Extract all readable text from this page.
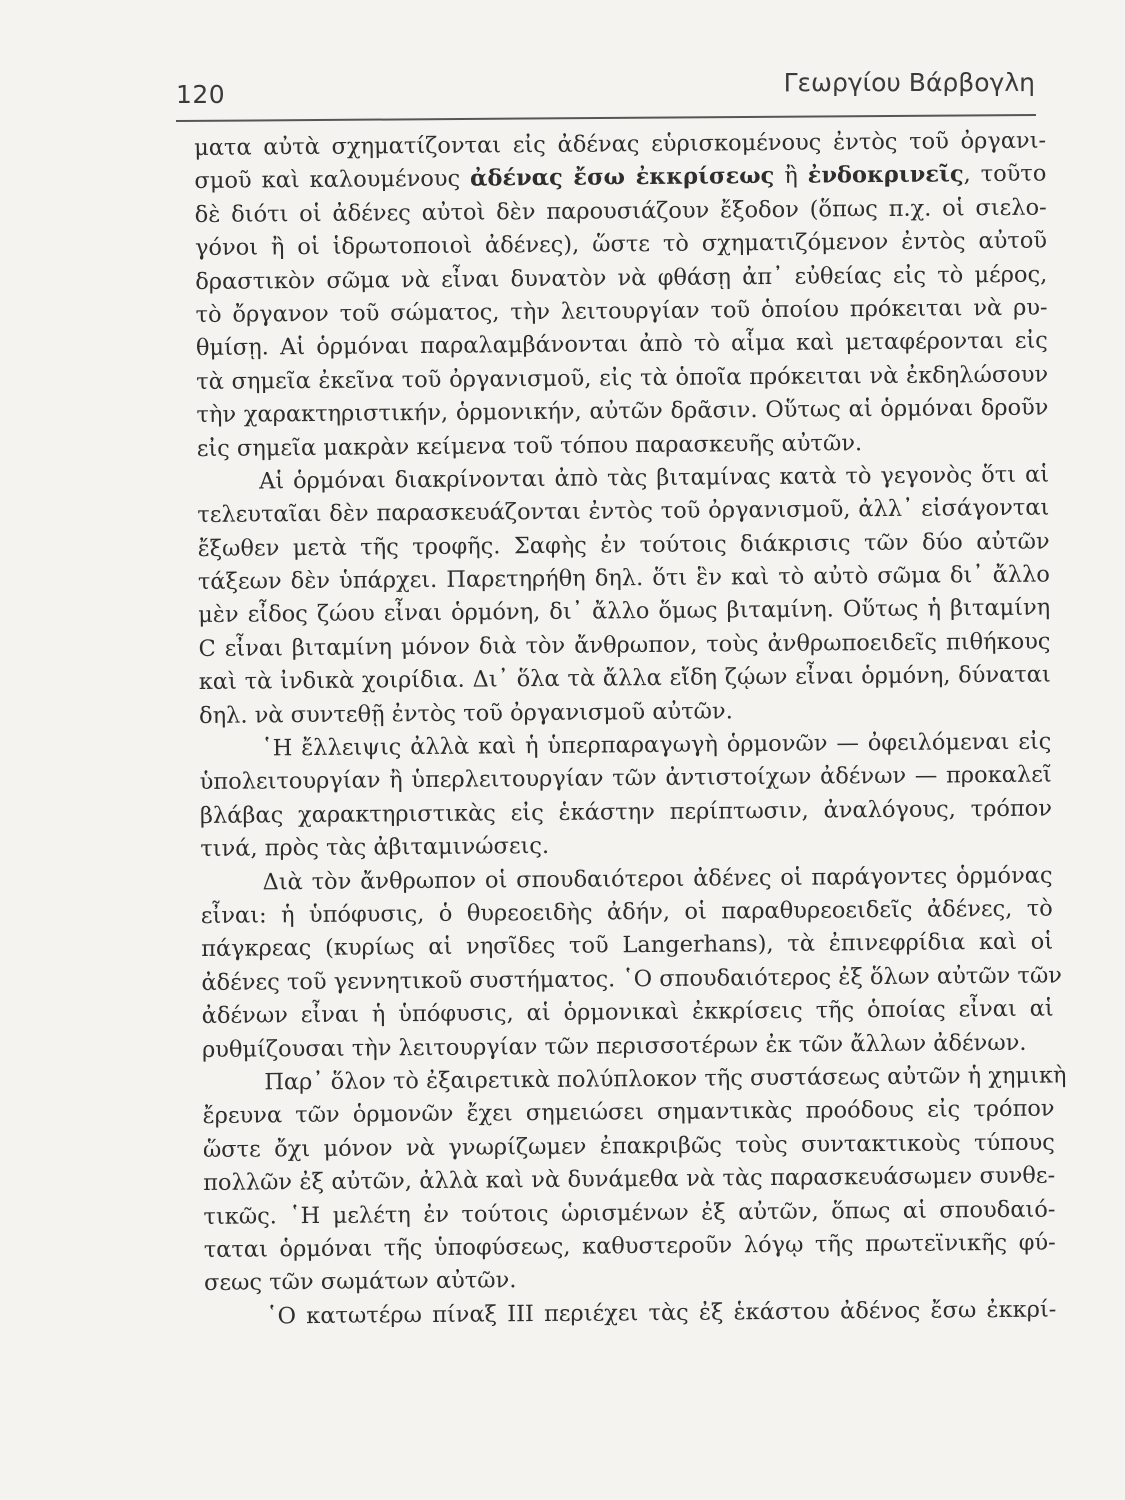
120	Γεωργίου Βάρβογλη
ματα αὐτὰ σχηματίζονται εἰς ἀδένας εὑρισκομένους ἐντὸς τοῦ ὀργανι-
σμοῦ καὶ καλουμένους ἀδένας ἔσω ἐκκρίσεως ἢ ἐνδοκρινεῖς, τοῦτο
δὲ διότι οἱ ἀδένες αὐτοὶ δὲν παρουσιάζουν ἔξοδον (ὅπως π.χ. οἱ σιελο-
γόνοι ἢ οἱ ἱδρωτοποιοὶ ἀδένες), ὥστε τὸ σχηματιζόμενον ἐντὸς αὐτοῦ
δραστικὸν σῶμα νὰ εἶναι δυνατὸν νὰ φθάσῃ ἀπ᾽ εὐθείας εἰς τὸ μέρος,
τὸ ὄργανον τοῦ σώματος, τὴν λειτουργίαν τοῦ ὁποίου πρόκειται νὰ ρυ-
θμίσῃ. Αἱ ὁρμόναι παραλαμβάνονται ἀπὸ τὸ αἷμα καὶ μεταφέρονται εἰς
τὰ σημεῖα ἐκεῖνα τοῦ ὀργανισμοῦ, εἰς τὰ ὁποῖα πρόκειται νὰ ἐκδηλώσουν
τὴν χαρακτηριστικήν, ὁρμονικήν, αὐτῶν δρᾶσιν. Οὕτως αἱ ὁρμόναι δροῦν
εἰς σημεῖα μακρὰν κείμενα τοῦ τόπου παρασκευῆς αὐτῶν.
Αἱ ὁρμόναι διακρίνονται ἀπὸ τὰς βιταμίνας κατὰ τὸ γεγονὸς ὅτι αἱ
τελευταῖαι δὲν παρασκευάζονται ἐντὸς τοῦ ὀργανισμοῦ, ἀλλ᾽ εἰσάγονται
ἔξωθεν μετὰ τῆς τροφῆς. Σαφὴς ἐν τούτοις διάκρισις τῶν δύο αὐτῶν
τάξεων δὲν ὑπάρχει. Παρετηρήθη δηλ. ὅτι ἓν καὶ τὸ αὐτὸ σῶμα δι᾽ ἄλλο
μὲν εἶδος ζώου εἶναι ὁρμόνη, δι᾽ ἄλλο ὅμως βιταμίνη. Οὕτως ἡ βιταμίνη
C εἶναι βιταμίνη μόνον διὰ τὸν ἄνθρωπον, τοὺς ἀνθρωποειδεῖς πιθήκους
καὶ τὰ ἰνδικὰ χοιρίδια. Δι᾽ ὅλα τὰ ἄλλα εἴδη ζῴων εἶναι ὁρμόνη, δύναται
δηλ. νὰ συντεθῇ ἐντὸς τοῦ ὀργανισμοῦ αὐτῶν.
῾Η ἔλλειψις ἀλλὰ καὶ ἡ ὑπερπαραγωγὴ ὁρμονῶν — ὀφειλόμεναι εἰς
ὑπολειτουργίαν ἢ ὑπερλειτουργίαν τῶν ἀντιστοίχων ἀδένων — προκαλεῖ
βλάβας χαρακτηριστικὰς εἰς ἑκάστην περίπτωσιν, ἀναλόγους, τρόπον
τινά, πρὸς τὰς ἀβιταμινώσεις.
Διὰ τὸν ἄνθρωπον οἱ σπουδαιότεροι ἀδένες οἱ παράγοντες ὁρμόνας
εἶναι: ἡ ὑπόφυσις, ὁ θυρεοειδὴς ἀδήν, οἱ παραθυρεοειδεῖς ἀδένες, τὸ
πάγκρεας (κυρίως αἱ νησῖδες τοῦ Langerhans), τὰ ἐπινεφρίδια καὶ οἱ
ἀδένες τοῦ γεννητικοῦ συστήματος. ῾Ο σπουδαιότερος ἐξ ὅλων αὐτῶν τῶν
ἀδένων εἶναι ἡ ὑπόφυσις, αἱ ὁρμονικαὶ ἐκκρίσεις τῆς ὁποίας εἶναι αἱ
ρυθμίζουσαι τὴν λειτουργίαν τῶν περισσοτέρων ἐκ τῶν ἄλλων ἀδένων.
Παρ᾽ ὅλον τὸ ἐξαιρετικὰ πολύπλοκον τῆς συστάσεως αὐτῶν ἡ χημικὴ
ἔρευνα τῶν ὁρμονῶν ἔχει σημειώσει σημαντικὰς προόδους εἰς τρόπον
ὥστε ὄχι μόνον νὰ γνωρίζωμεν ἐπακριβῶς τοὺς συντακτικοὺς τύπους
πολλῶν ἐξ αὐτῶν, ἀλλὰ καὶ νὰ δυνάμεθα νὰ τὰς παρασκευάσωμεν συνθε-
τικῶς. ῾Η μελέτη ἐν τούτοις ὡρισμένων ἐξ αὐτῶν, ὅπως αἱ σπουδαιό-
ταται ὁρμόναι τῆς ὑποφύσεως, καθυστεροῦν λόγῳ τῆς πρωτεϊνικῆς φύ-
σεως τῶν σωμάτων αὐτῶν.
῾Ο κατωτέρω πίναξ ΙΙΙ περιέχει τὰς ἐξ ἑκάστου ἀδένος ἔσω ἐκκρί-
